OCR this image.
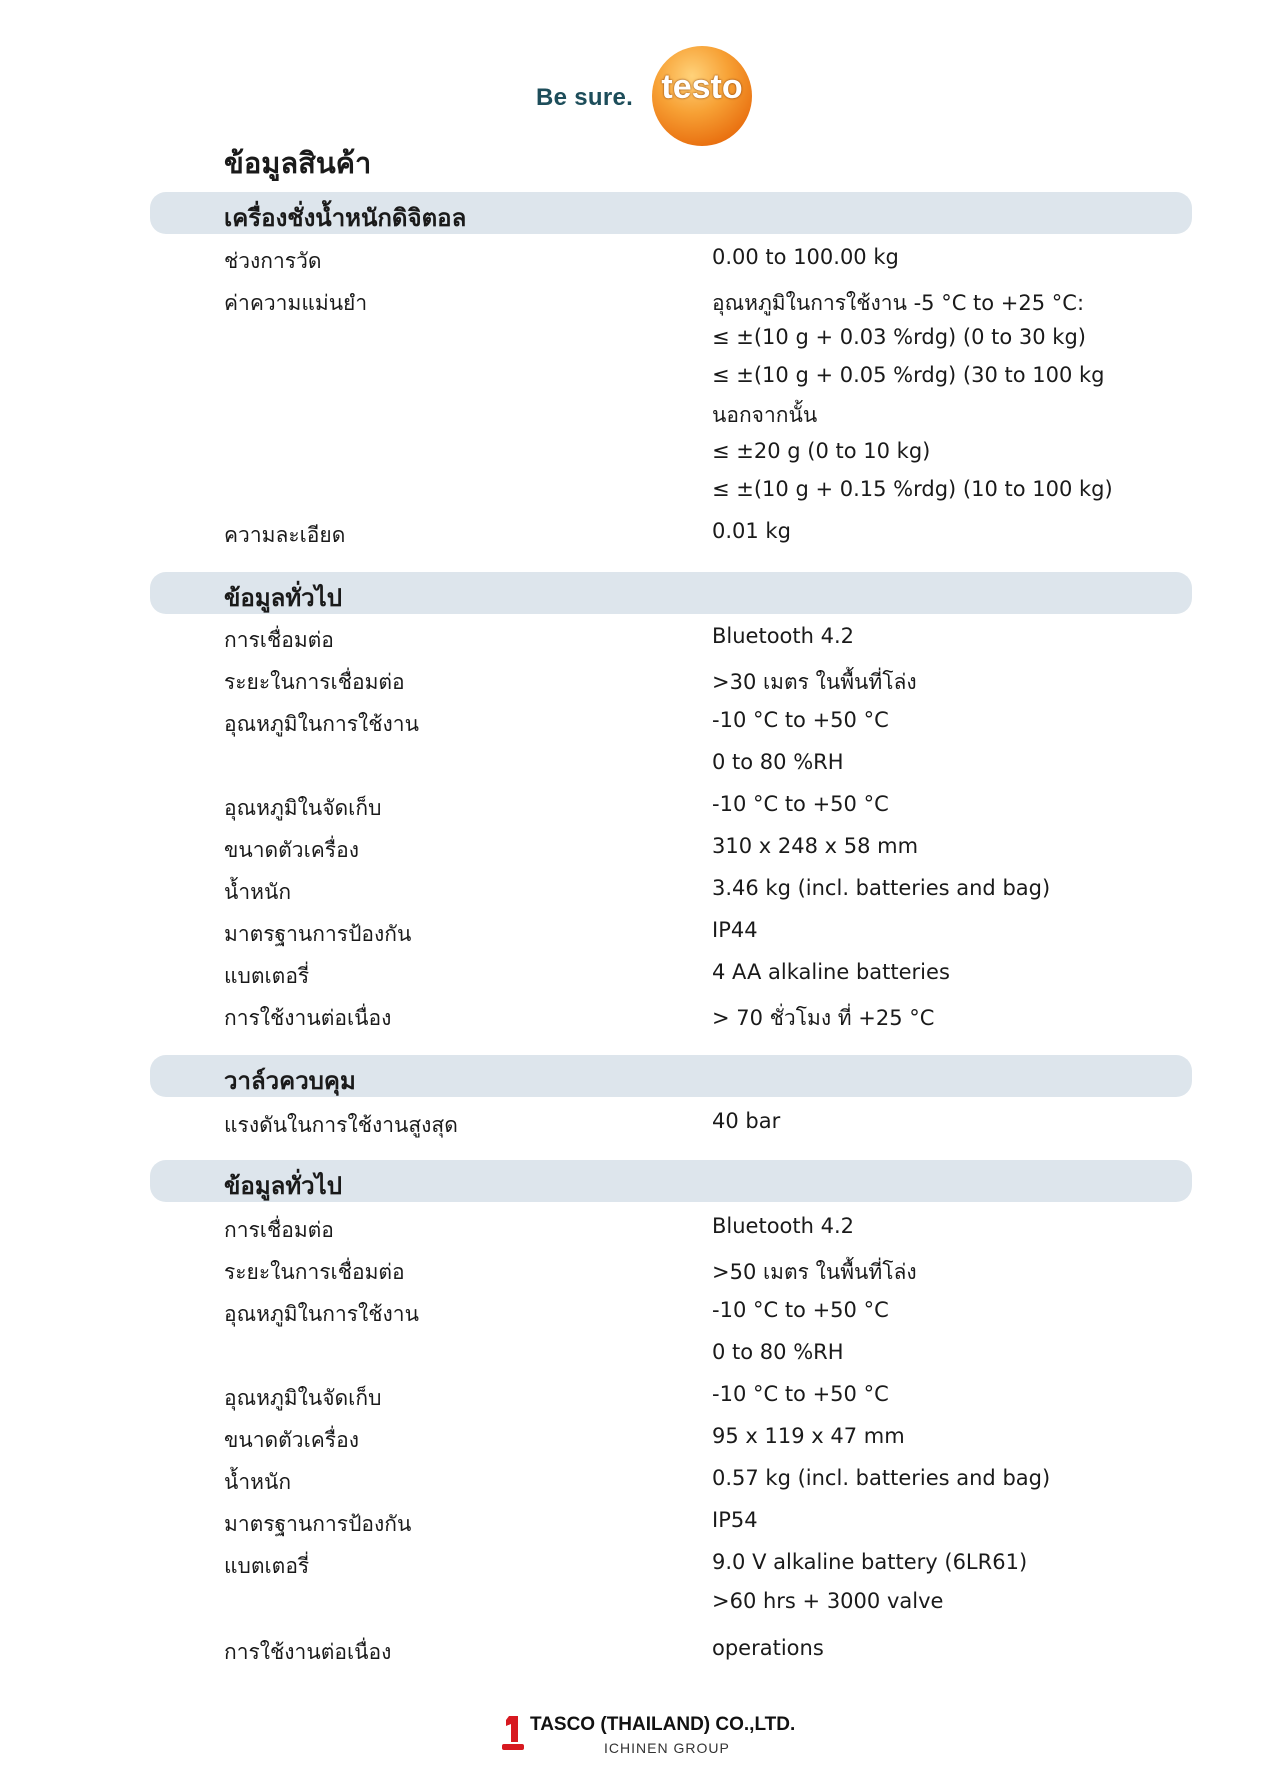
Be sure. testo
ข้อมูลสินค้า
เครื่องชั่งน้ำหนักดิจิตอล
ช่วงการวัด	0.00 to 100.00 kg
ค่าความแม่นยำ	อุณหภูมิในการใช้งาน -5 °C to +25 °C:
≤ ±(10 g + 0.03 %rdg) (0 to 30 kg)
≤ ±(10 g + 0.05 %rdg) (30 to 100 kg
นอกจากนั้น
≤ ±20 g (0 to 10 kg)
≤ ±(10 g + 0.15 %rdg) (10 to 100 kg)
ความละเอียด	0.01 kg
ข้อมูลทั่วไป
การเชื่อมต่อ	Bluetooth 4.2
ระยะในการเชื่อมต่อ	>30 เมตร ในพื้นที่โล่ง
อุณหภูมิในการใช้งาน	-10 °C to +50 °C
0 to 80 %RH
อุณหภูมิในจัดเก็บ	-10 °C to +50 °C
ขนาดตัวเครื่อง	310 x 248 x 58 mm
น้ำหนัก	3.46 kg (incl. batteries and bag)
มาตรฐานการป้องกัน	IP44
แบตเตอรี่	4 AA alkaline batteries
การใช้งานต่อเนื่อง	> 70 ชั่วโมง ที่ +25 °C
วาล์วควบคุม
แรงดันในการใช้งานสูงสุด	40 bar
ข้อมูลทั่วไป
การเชื่อมต่อ	Bluetooth 4.2
ระยะในการเชื่อมต่อ	>50 เมตร ในพื้นที่โล่ง
อุณหภูมิในการใช้งาน	-10 °C to +50 °C
0 to 80 %RH
อุณหภูมิในจัดเก็บ	-10 °C to +50 °C
ขนาดตัวเครื่อง	95 x 119 x 47 mm
น้ำหนัก	0.57 kg (incl. batteries and bag)
มาตรฐานการป้องกัน	IP54
แบตเตอรี่	9.0 V alkaline battery (6LR61)
>60 hrs + 3000 valve
การใช้งานต่อเนื่อง	operations
TASCO (THAILAND) CO.,LTD.
ICHINEN GROUP
